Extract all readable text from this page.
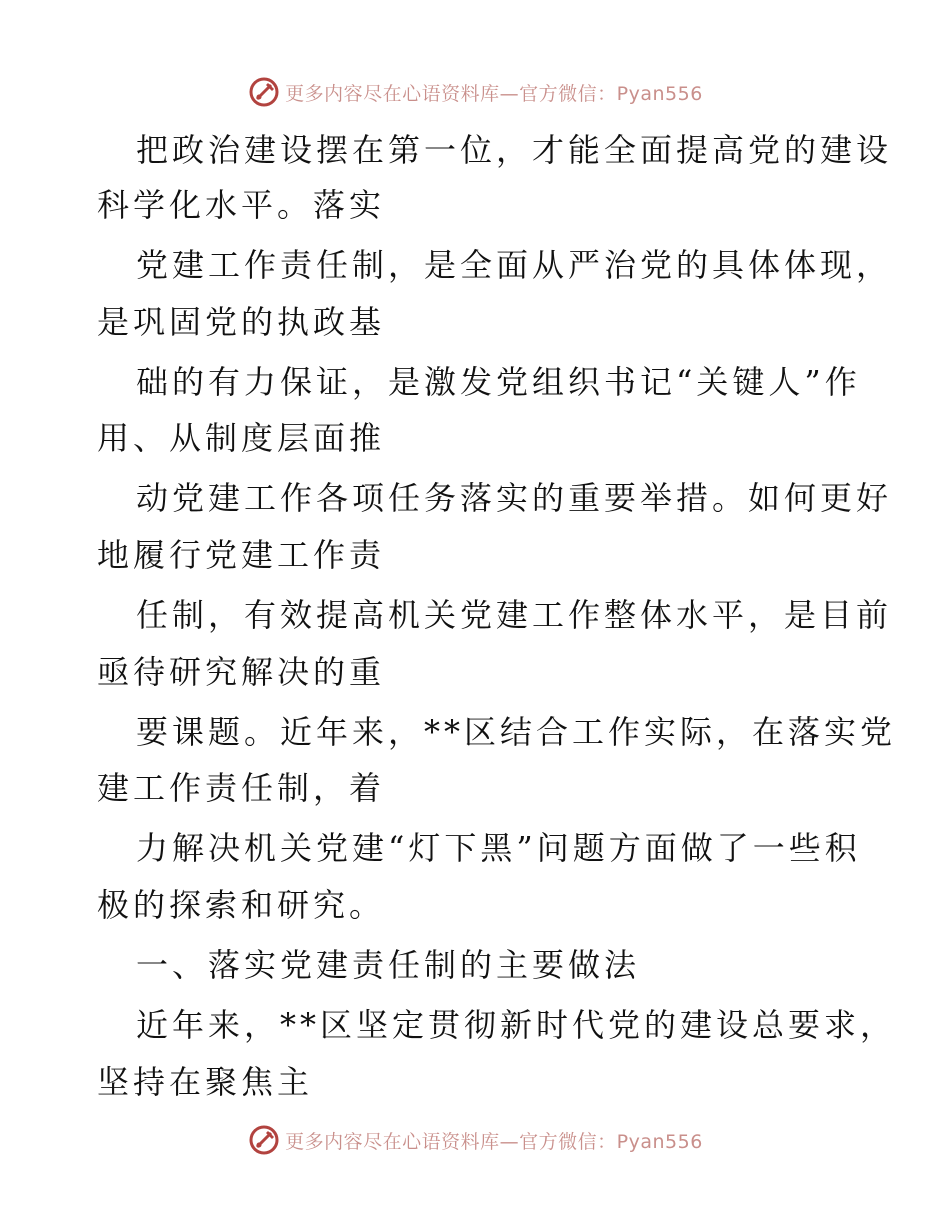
更多内容尽在心语资料库—官方微信：Pyan556
把政治建设摆在第一位，才能全面提高党的建设
科学化水平。落实
党建工作责任制，是全面从严治党的具体体现，
是巩固党的执政基
础的有力保证，是激发党组织书记“关键人”作
用、从制度层面推
动党建工作各项任务落实的重要举措。如何更好
地履行党建工作责
任制，有效提高机关党建工作整体水平，是目前
亟待研究解决的重
要课题。近年来，**区结合工作实际，在落实党
建工作责任制，着
力解决机关党建“灯下黑”问题方面做了一些积
极的探索和研究。
一、落实党建责任制的主要做法
近年来，**区坚定贯彻新时代党的建设总要求，
坚持在聚焦主
更多内容尽在心语资料库—官方微信：Pyan556
